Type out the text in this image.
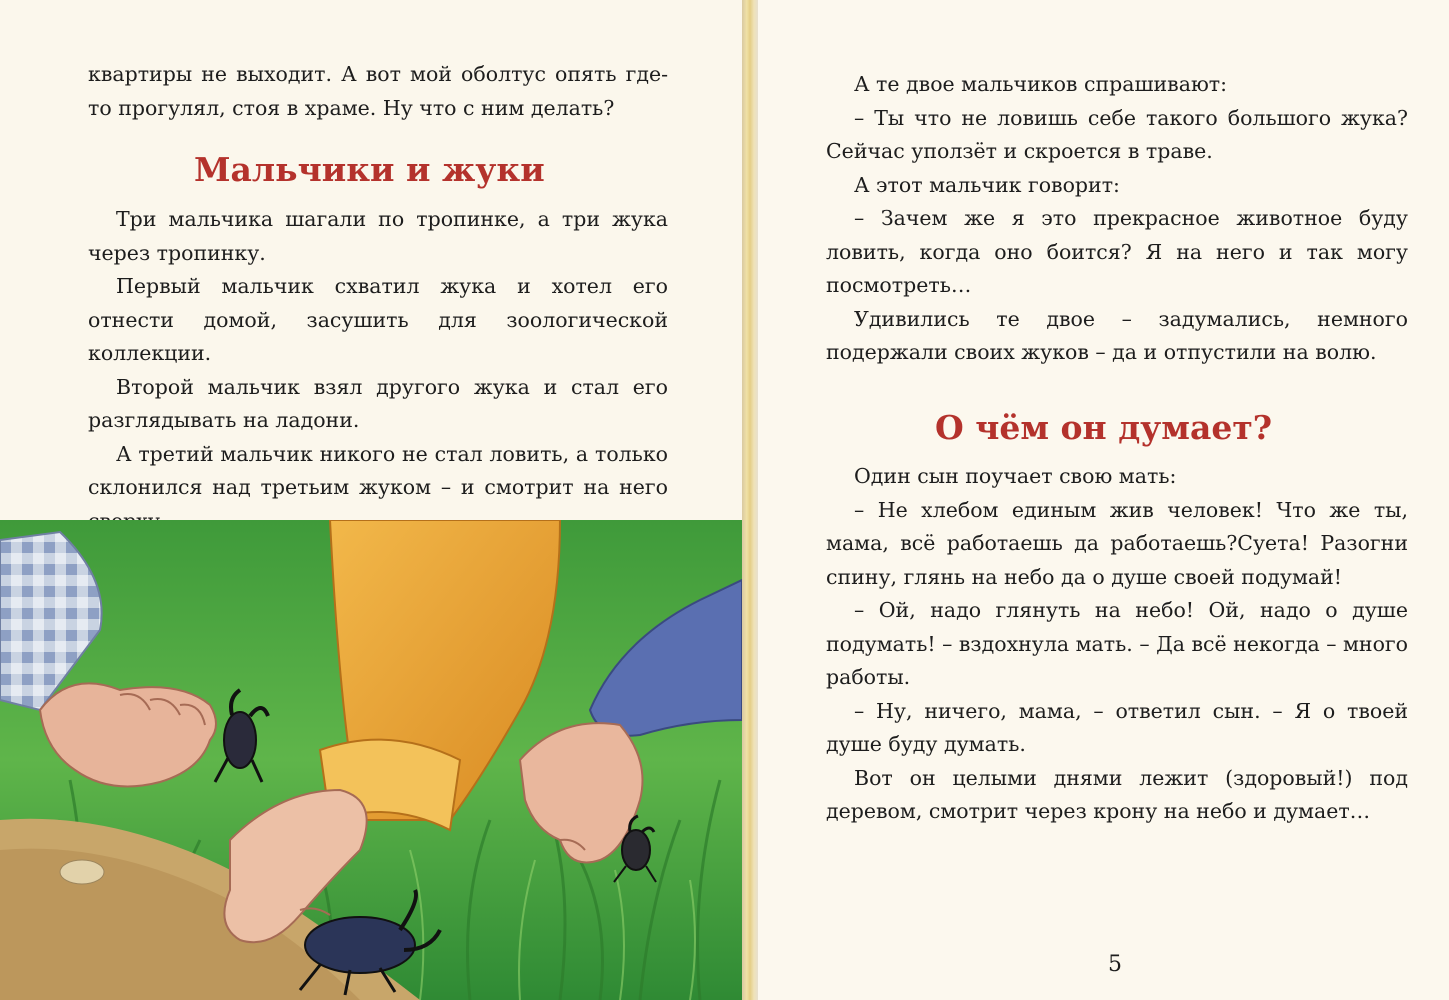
квартиры не выходит. А вот мой оболтус опять где-то прогулял, стоя в храме. Ну что с ним делать?

Мальчики и жуки

Три мальчика шагали по тропинке, а три жука через тропинку.

Первый мальчик схватил жука и хотел его отнести домой, засушить для зоологической коллекции.

Второй мальчик взял другого жука и стал его разглядывать на ладони.

А третий мальчик никого не стал ловить, а только склонился над третьим жуком – и смотрит на него

А те двое мальчиков спрашивают:

– Ты что не ловишь себе такого большого жука? Сейчас уползёт и скроется в траве.

А этот мальчик говорит:

– Зачем же я это прекрасное животное буду ловить, когда оно боится? Я на него и так могу посмотреть…

Удивились те двое – задумались, немного подержали своих жуков – да и отпустили на волю.

О чём он думает?

Один сын поучает свою мать:

– Не хлебом единым жив человек! Что же ты, мама, всё работаешь да работаешь?Суета! Разогни спину, глянь на небо да о душе своей подумай!

– Ой, надо глянуть на небо! Ой, надо о душе подумать! – вздохнула мать. – Да всё некогда – много работы.

– Ну, ничего, мама, – ответил сын. – Я о твоей душе буду думать.

Вот он целыми днями лежит (здоровый!) под деревом, смотрит через крону на небо и думает…

5
